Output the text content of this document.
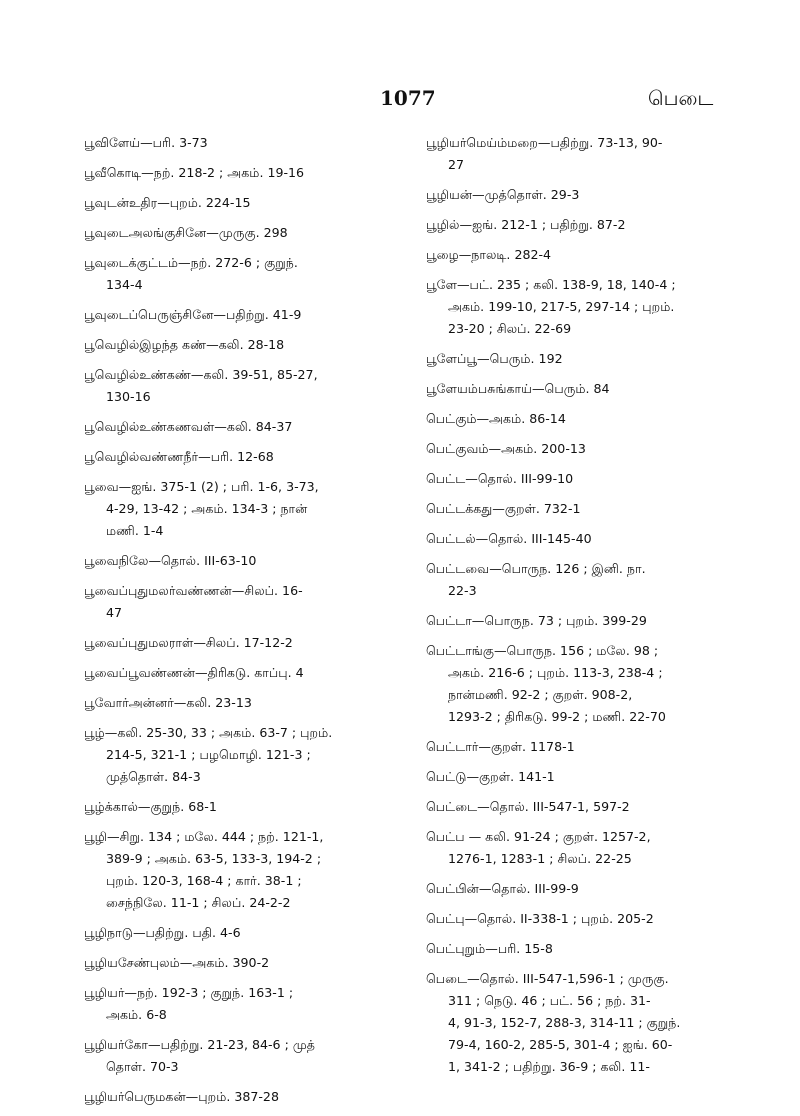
1077	பெடை

பூவிளேய்—பரி. 3-73

பூவீகொடி—நற். 218-2 ; அகம். 19-16

பூவுடன்உதிர—புறம். 224-15

பூவுடைஅலங்குசினே—முருகு. 298

பூவுடைக்குட்டம்—நற். 272-6 ; குறுந்.
134-4

பூவுடைப்பெருஞ்சினே—பதிற்று. 41-9

பூவெழில்இழந்த கண்—கலி. 28-18

பூவெழில்உண்கண்—கலி. 39-51, 85-27,
130-16

பூவெழில்உண்கணவள்—கலி. 84-37

பூவெழில்வண்ணநீர்—பரி. 12-68

பூவை—ஐங். 375-1 (2) ; பரி. 1-6, 3-73,
4-29, 13-42 ; அகம். 134-3 ; நான்
மணி. 1-4

பூவைநிலே—தொல். III-63-10

பூவைப்புதுமலர்வண்ணன்—சிலப். 16-
47

பூவைப்புதுமலராள்—சிலப். 17-12-2

பூவைப்பூவண்ணன்—திரிகடு. காப்பு. 4

பூவோர்அன்னர்—கலி. 23-13

பூழ்—கலி. 25-30, 33 ; அகம். 63-7 ; புறம்.
214-5, 321-1 ; பழமொழி. 121-3 ;
முத்தொள். 84-3

பூழ்க்கால்—குறுந். 68-1

பூழி—சிறு. 134 ; மலே. 444 ; நற். 121-1,
389-9 ; அகம். 63-5, 133-3, 194-2 ;
புறம். 120-3, 168-4 ; கார். 38-1 ;
சைந்நிலே. 11-1 ; சிலப். 24-2-2

பூழிநாடு—பதிற்று. பதி. 4-6

பூழியசேண்புலம்—அகம். 390-2

பூழியர்—நற். 192-3 ; குறுந். 163-1 ;
அகம். 6-8

பூழியர்கோ—பதிற்று. 21-23, 84-6 ; முத்
தொள். 70-3

பூழியர்பெருமகன்—புறம். 387-28

பூழியர்மெய்ம்மறை—பதிற்று. 73-13, 90-
27

பூழியன்—முத்தொள். 29-3

பூழில்—ஐங். 212-1 ; பதிற்று. 87-2

பூழை—நாலடி. 282-4

பூளே—பட். 235 ; கலி. 138-9, 18, 140-4 ;
அகம். 199-10, 217-5, 297-14 ; புறம்.
23-20 ; சிலப். 22-69

பூளேப்பூ—பெரும். 192

பூளேயம்பசுங்காய்—பெரும். 84

பெட்கும்—அகம். 86-14

பெட்குவம்—அகம். 200-13

பெட்ட—தொல். III-99-10

பெட்டக்கது—குறள். 732-1

பெட்டல்—தொல். III-145-40

பெட்டவை—பொருந. 126 ; இனி. நா.
22-3

பெட்டா—பொருந. 73 ; புறம். 399-29

பெட்டாங்கு—பொருந. 156 ; மலே. 98 ;
அகம். 216-6 ; புறம். 113-3, 238-4 ;
நான்மணி. 92-2 ; குறள். 908-2,
1293-2 ; திரிகடு. 99-2 ; மணி. 22-70

பெட்டார்—குறள். 1178-1

பெட்டு—குறள். 141-1

பெட்டை—தொல். III-547-1, 597-2

பெட்ப — கலி. 91-24 ; குறள். 1257-2,
1276-1, 1283-1 ; சிலப். 22-25

பெட்பின்—தொல். III-99-9

பெட்பு—தொல். II-338-1 ; புறம். 205-2

பெட்புறும்—பரி. 15-8

பெடை—தொல். III-547-1,596-1 ; முருகு.
311 ; நெடு. 46 ; பட். 56 ; நற். 31-
4, 91-3, 152-7, 288-3, 314-11 ; குறுந்.
79-4, 160-2, 285-5, 301-4 ; ஐங். 60-
1, 341-2 ; பதிற்று. 36-9 ; கலி. 11-
